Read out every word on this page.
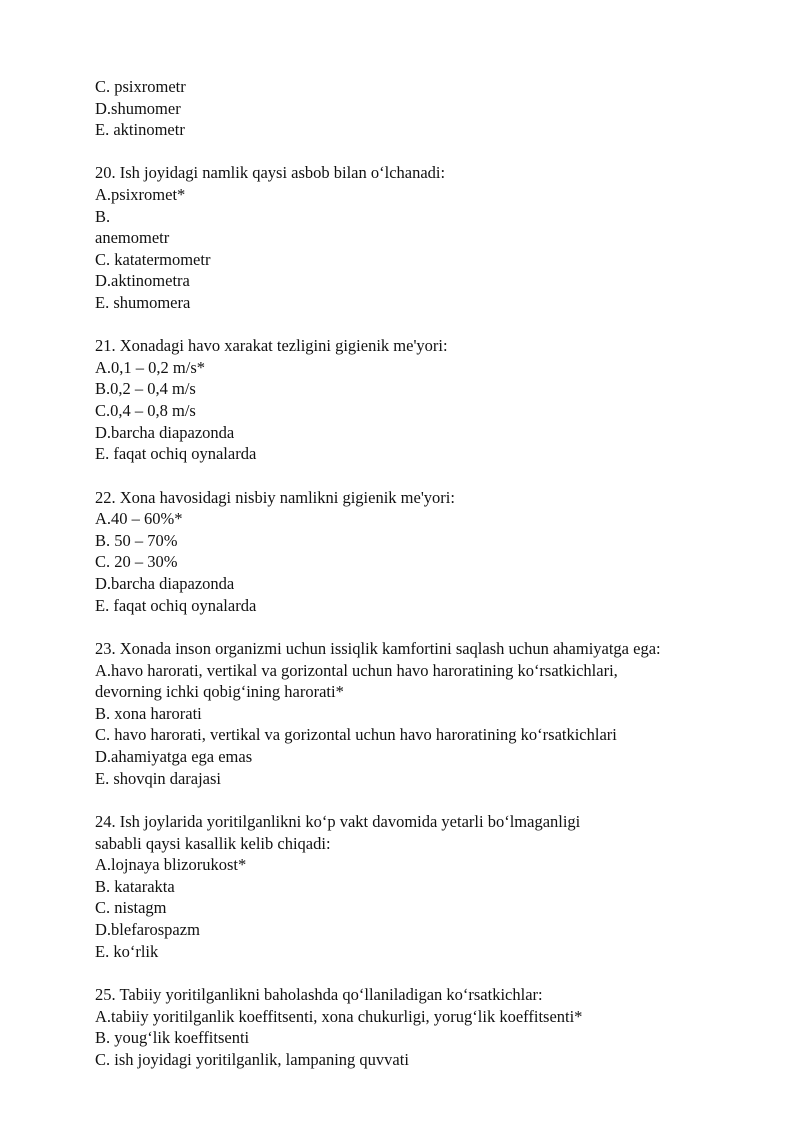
C. psixrometr
D.shumomer
E. aktinometr
20. Ish joyidagi namlik qaysi asbob bilan o‘lchanadi:
A.psixromet*
B.
anemometr
C. katatermometr
D.aktinometra
E. shumomera
21. Xonadagi havo xarakat tezligini gigienik me'yori:
A.0,1 – 0,2 m/s*
B.0,2 – 0,4 m/s
C.0,4 – 0,8 m/s
D.barcha diapazonda
E. faqat ochiq oynalarda
22. Xona havosidagi nisbiy namlikni gigienik me'yori:
A.40 – 60%*
B. 50 – 70%
C. 20 – 30%
D.barcha diapazonda
E. faqat ochiq oynalarda
23. Xonada inson organizmi uchun issiqlik kamfortini saqlash uchun ahamiyatga ega:
A.havo harorati, vertikal va gorizontal uchun havo haroratining ko‘rsatkichlari,
devorning ichki qobig‘ining harorati*
B. xona harorati
C. havo harorati, vertikal va gorizontal uchun havo haroratining ko‘rsatkichlari
D.ahamiyatga ega emas
E. shovqin darajasi
24. Ish joylarida yoritilganlikni ko‘p vakt davomida yetarli bo‘lmaganligi
sababli qaysi kasallik kelib chiqadi:
A.lojnaya blizorukost*
B. katarakta
C. nistagm
D.blefarospazm
E. ko‘rlik
25. Tabiiy yoritilganlikni baholashda qo‘llaniladigan ko‘rsatkichlar:
A.tabiiy yoritilganlik koeffitsenti, xona chukurligi, yorug‘lik koeffitsenti*
B. youg‘lik koeffitsenti
C. ish joyidagi yoritilganlik, lampaning quvvati
